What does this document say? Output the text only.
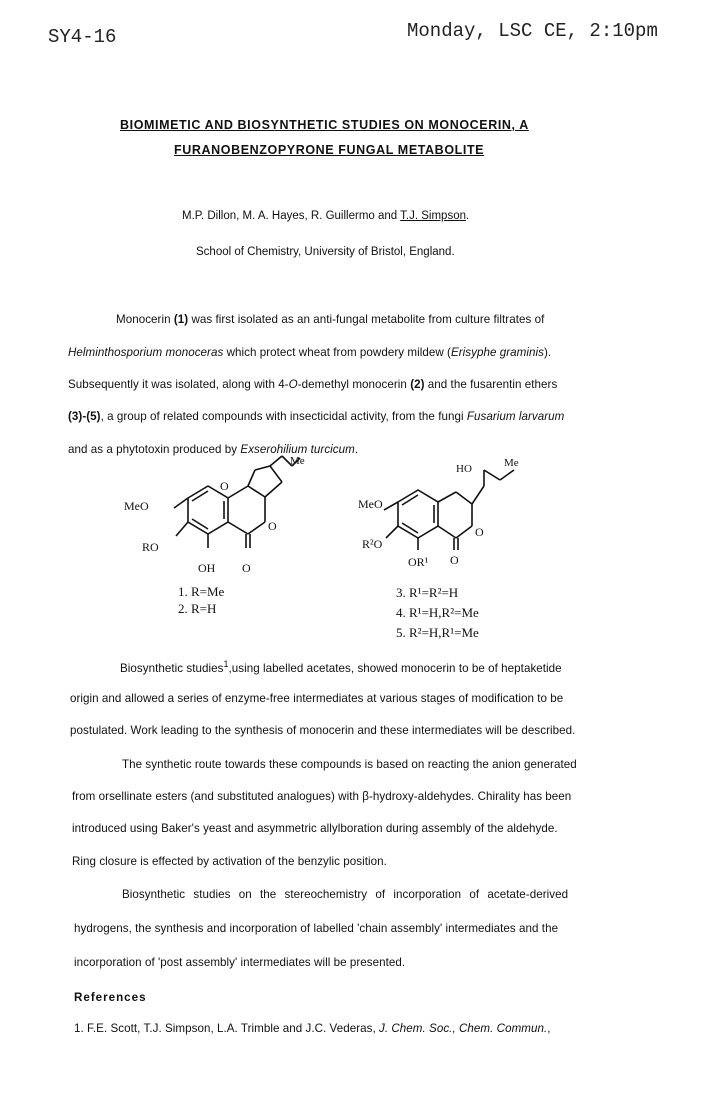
SY4-16	Monday, LSC CE, 2:10pm
BIOMIMETIC AND BIOSYNTHETIC STUDIES ON MONOCERIN, A
FURANOBENZOPYRONE FUNGAL METABOLITE
M.P. Dillon, M. A. Hayes, R. Guillermo and T.J. Simpson.
School of Chemistry, University of Bristol, England.
Monocerin (1) was first isolated as an anti-fungal metabolite from culture filtrates of
Helminthosporium monoceras which protect wheat from powdery mildew (Erisyphe graminis).
Subsequently it was isolated, along with 4-O-demethyl monocerin (2) and the fusarentin ethers
(3)-(5), a group of related compounds with insecticidal activity, from the fungi Fusarium larvarum
and as a phytotoxin produced by Exserohilium turcicum.
MeO
RO
OH O
Me
O
O
HO	Me
MeO
R²O
OR¹ O
O
1. R=Me
2. R=H
3. R¹=R²=H
4. R¹=H,R²=Me
5. R²=H,R¹=Me
Biosynthetic studies$^1$,using labelled acetates, showed monocerin to be of heptaketide
origin and allowed a series of enzyme-free intermediates at various stages of modification to be
postulated. Work leading to the synthesis of monocerin and these intermediates will be described.
The synthetic route towards these compounds is based on reacting the anion generated
from orsellinate esters (and substituted analogues) with β-hydroxy-aldehydes. Chirality has been
introduced using Baker's yeast and asymmetric allylboration during assembly of the aldehyde.
Ring closure is effected by activation of the benzylic position.
Biosynthetic studies on the stereochemistry of incorporation of acetate-derived
hydrogens, the synthesis and incorporation of labelled 'chain assembly' intermediates and the
incorporation of 'post assembly' intermediates will be presented.
References
1. F.E. Scott, T.J. Simpson, L.A. Trimble and J.C. Vederas, J. Chem. Soc., Chem. Commun.,
